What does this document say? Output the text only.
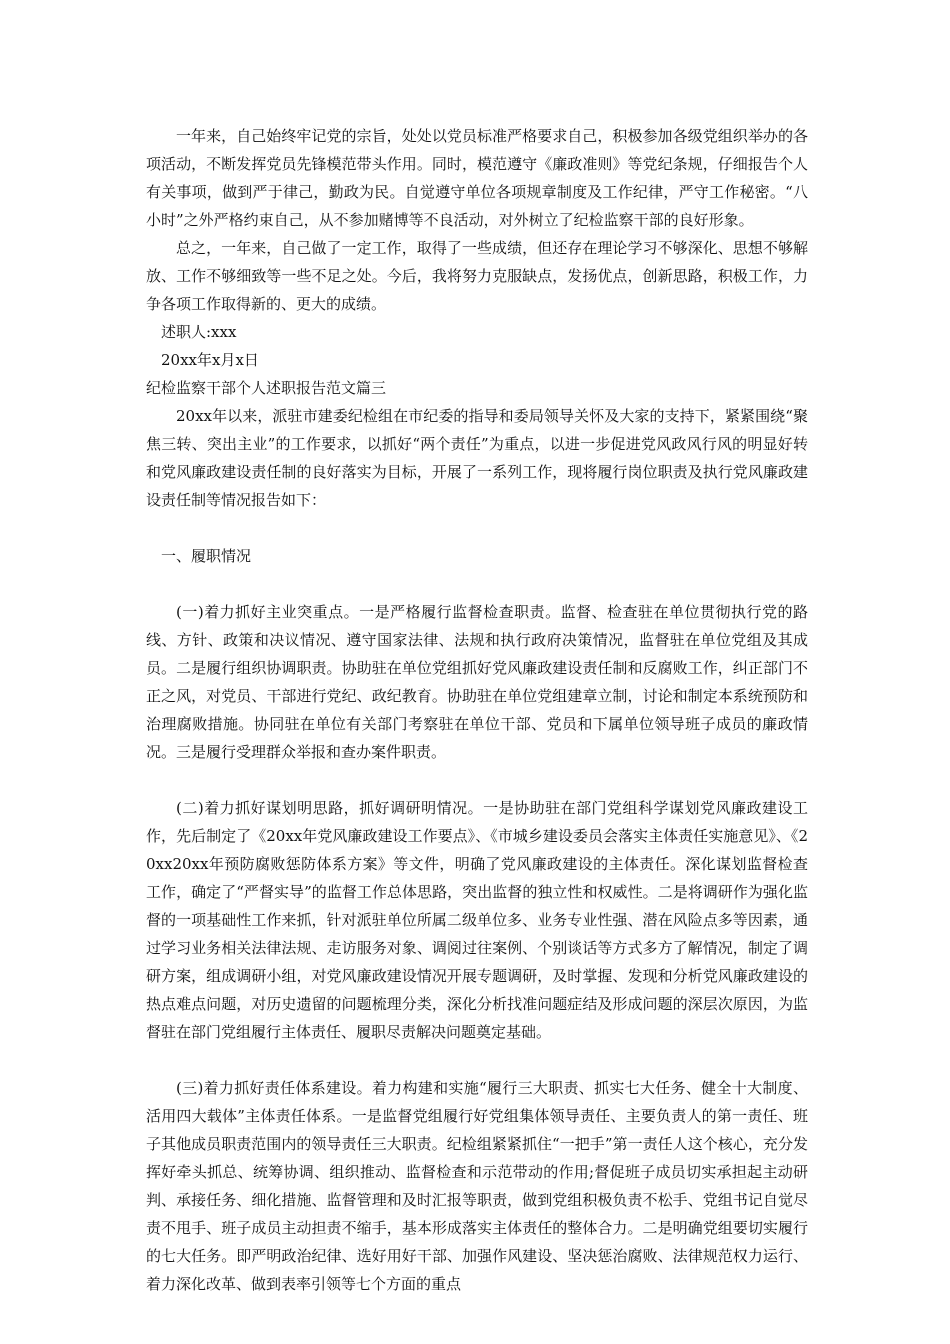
一年来，自己始终牢记党的宗旨，处处以党员标准严格要求自己，积极参加各级党组织举办的各项活动，不断发挥党员先锋模范带头作用。同时，模范遵守《廉政准则》等党纪条规，仔细报告个人有关事项，做到严于律己，勤政为民。自觉遵守单位各项规章制度及工作纪律，严守工作秘密。“八小时”之外严格约束自己，从不参加赌博等不良活动，对外树立了纪检监察干部的良好形象。

总之，一年来，自己做了一定工作，取得了一些成绩，但还存在理论学习不够深化、思想不够解放、工作不够细致等一些不足之处。今后，我将努力克服缺点，发扬优点，创新思路，积极工作，力争各项工作取得新的、更大的成绩。

述职人:xxx

20xx年x月x日

纪检监察干部个人述职报告范文篇三

20xx年以来，派驻市建委纪检组在市纪委的指导和委局领导关怀及大家的支持下，紧紧围绕“聚焦三转、突出主业”的工作要求，以抓好“两个责任”为重点，以进一步促进党风政风行风的明显好转和党风廉政建设责任制的良好落实为目标，开展了一系列工作，现将履行岗位职责及执行党风廉政建设责任制等情况报告如下：

一、履职情况

(一)着力抓好主业突重点。一是严格履行监督检查职责。监督、检查驻在单位贯彻执行党的路线、方针、政策和决议情况、遵守国家法律、法规和执行政府决策情况，监督驻在单位党组及其成员。二是履行组织协调职责。协助驻在单位党组抓好党风廉政建设责任制和反腐败工作，纠正部门不正之风，对党员、干部进行党纪、政纪教育。协助驻在单位党组建章立制，讨论和制定本系统预防和治理腐败措施。协同驻在单位有关部门考察驻在单位干部、党员和下属单位领导班子成员的廉政情况。三是履行受理群众举报和查办案件职责。

(二)着力抓好谋划明思路，抓好调研明情况。一是协助驻在部门党组科学谋划党风廉政建设工作，先后制定了《20xx年党风廉政建设工作要点》、《市城乡建设委员会落实主体责任实施意见》、《20xx20xx年预防腐败惩防体系方案》等文件，明确了党风廉政建设的主体责任。深化谋划监督检查工作，确定了“严督实导”的监督工作总体思路，突出监督的独立性和权威性。二是将调研作为强化监督的一项基础性工作来抓，针对派驻单位所属二级单位多、业务专业性强、潜在风险点多等因素，通过学习业务相关法律法规、走访服务对象、调阅过往案例、个别谈话等方式多方了解情况，制定了调研方案，组成调研小组，对党风廉政建设情况开展专题调研，及时掌握、发现和分析党风廉政建设的热点难点问题，对历史遗留的问题梳理分类，深化分析找准问题症结及形成问题的深层次原因，为监督驻在部门党组履行主体责任、履职尽责解决问题奠定基础。

(三)着力抓好责任体系建设。着力构建和实施“履行三大职责、抓实七大任务、健全十大制度、活用四大载体”主体责任体系。一是监督党组履行好党组集体领导责任、主要负责人的第一责任、班子其他成员职责范围内的领导责任三大职责。纪检组紧紧抓住“一把手”第一责任人这个核心，充分发挥好牵头抓总、统筹协调、组织推动、监督检查和示范带动的作用;督促班子成员切实承担起主动研判、承接任务、细化措施、监督管理和及时汇报等职责，做到党组积极负责不松手、党组书记自觉尽责不甩手、班子成员主动担责不缩手，基本形成落实主体责任的整体合力。二是明确党组要切实履行的七大任务。即严明政治纪律、选好用好干部、加强作风建设、坚决惩治腐败、法律规范权力运行、着力深化改革、做到表率引领等七个方面的重点
